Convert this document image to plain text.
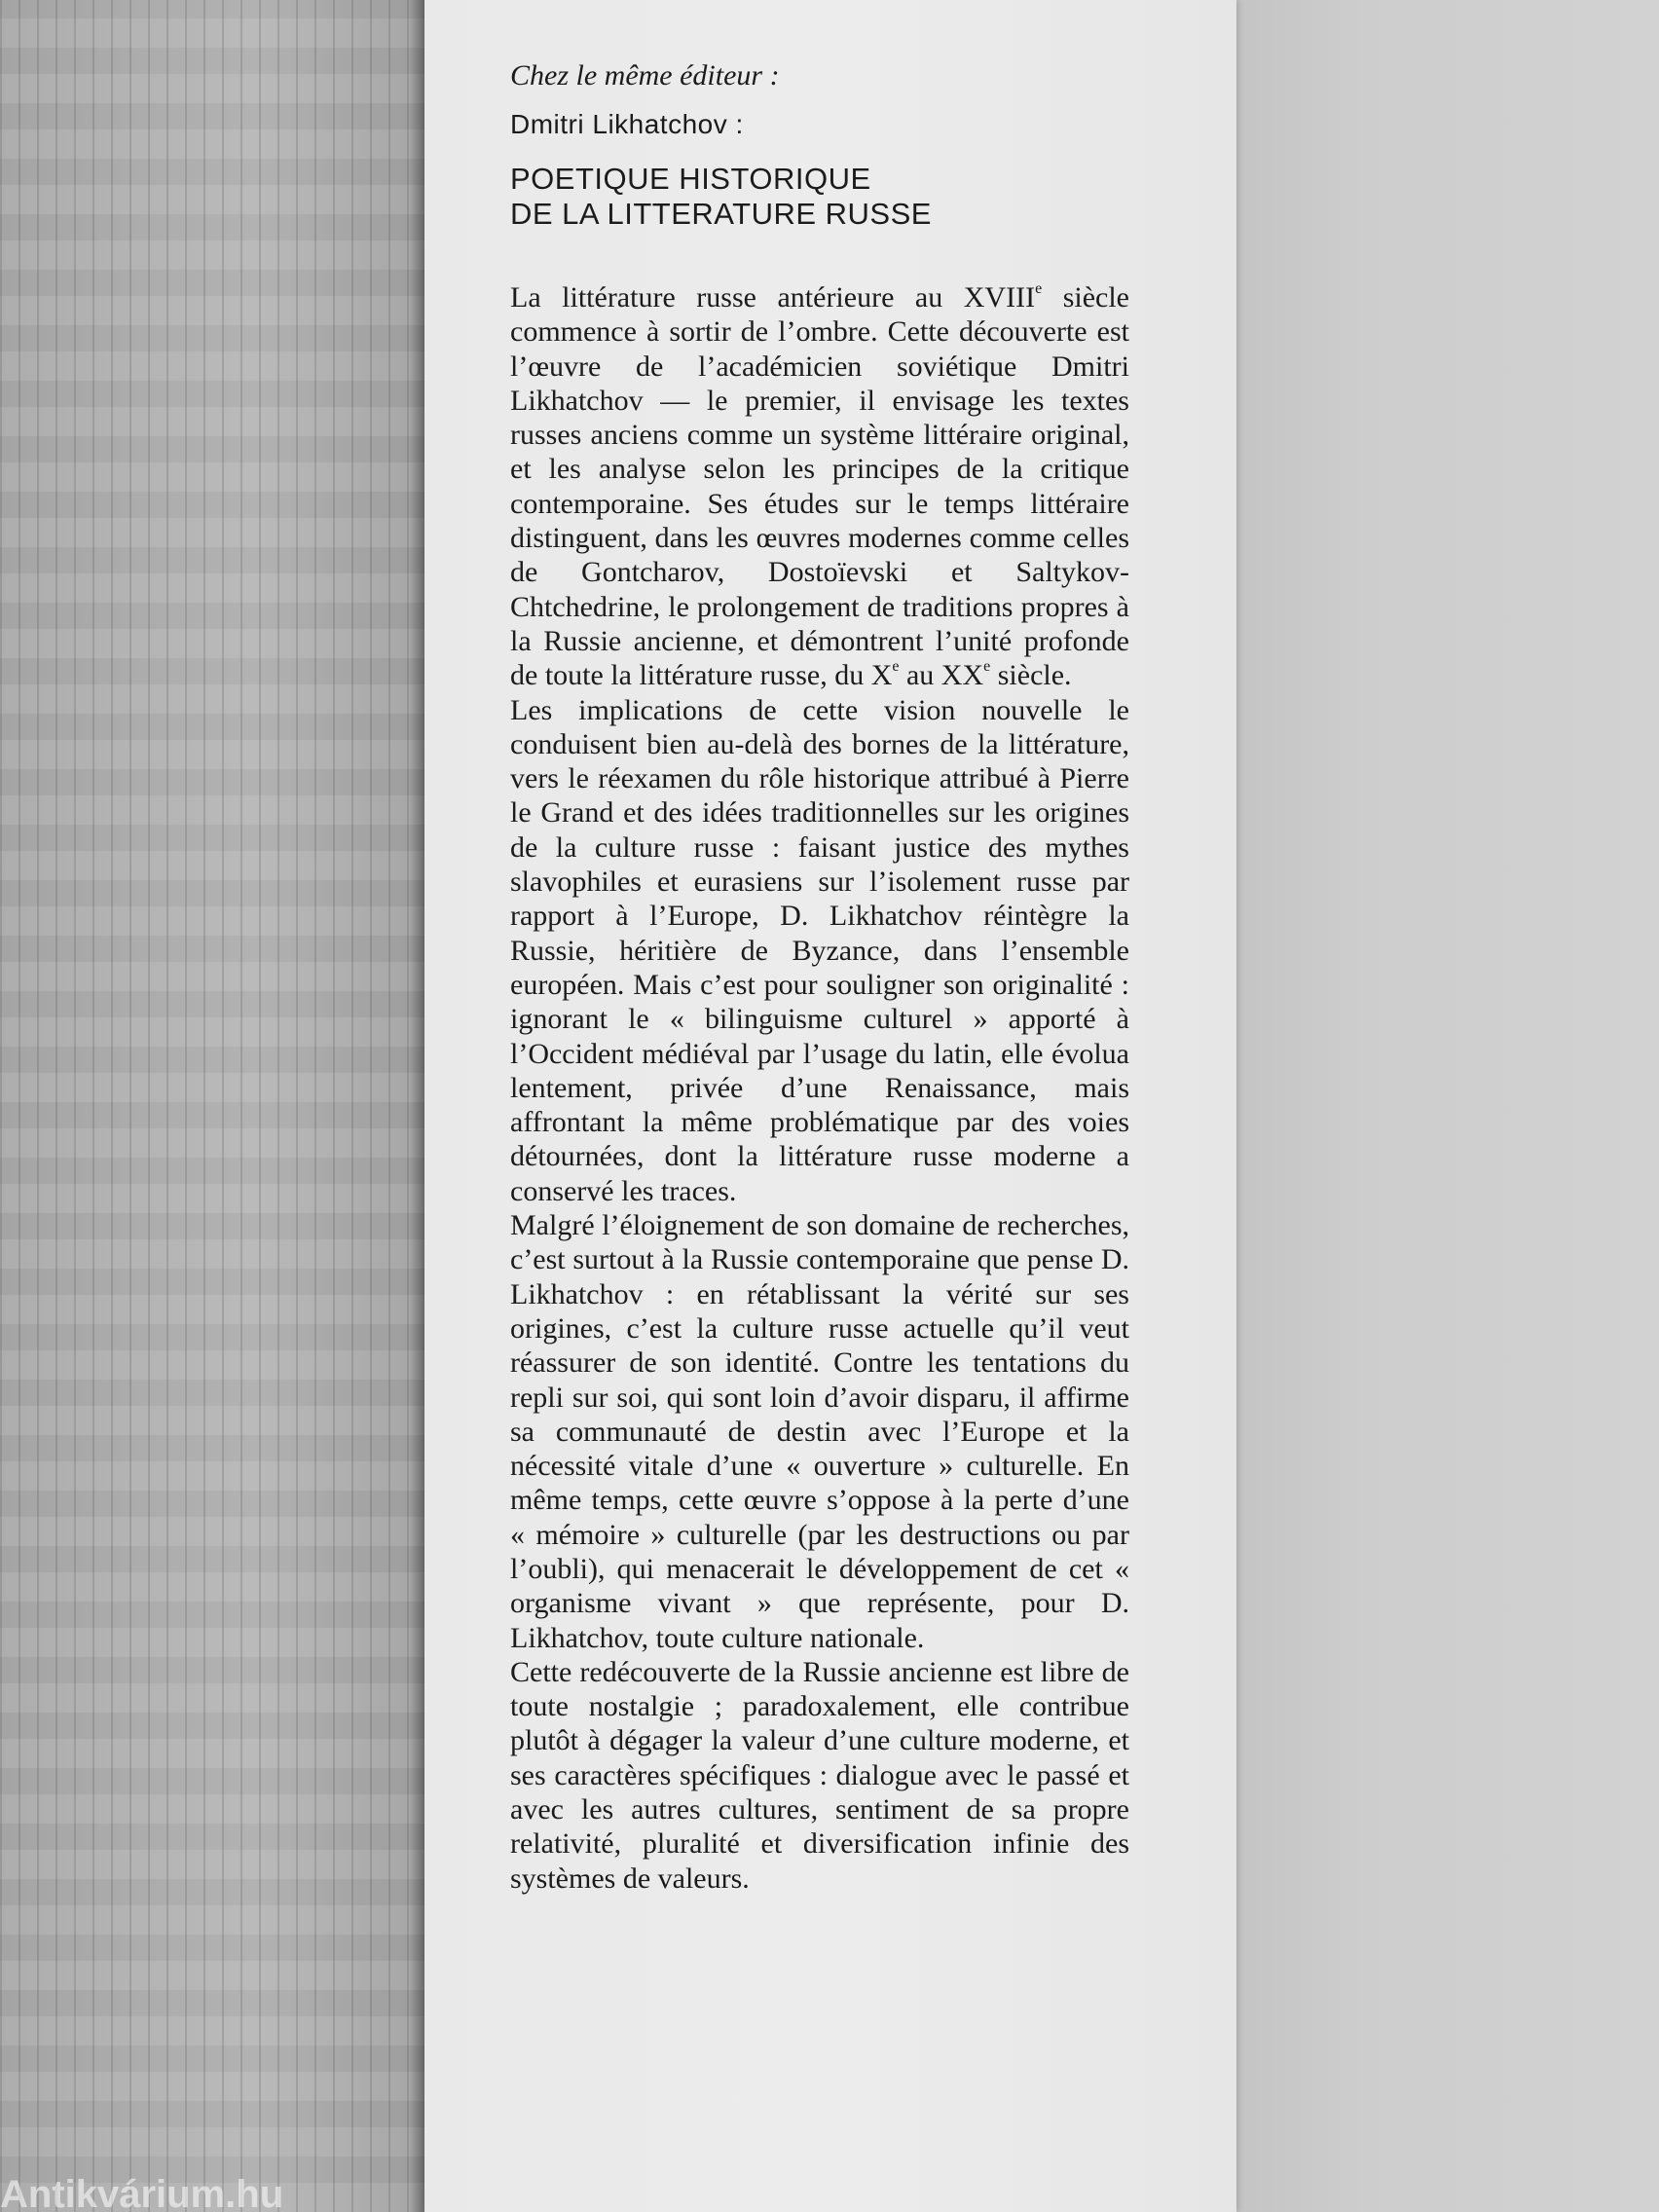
Antikvárium.hu

Chez le même éditeur :

Dmitri Likhatchov :

POETIQUE HISTORIQUE
DE LA LITTERATURE RUSSE

La littérature russe antérieure au XVIIIe siècle commence à sortir de l’ombre. Cette découverte est l’œuvre de l’académicien soviétique Dmitri Likhatchov — le premier, il envisage les textes russes anciens comme un système littéraire original, et les analyse selon les principes de la critique contemporaine. Ses études sur le temps littéraire distinguent, dans les œuvres modernes comme celles de Gontcharov, Dostoïevski et Saltykov-Chtchedrine, le prolongement de traditions propres à la Russie ancienne, et démontrent l’unité profonde de toute la littérature russe, du Xe au XXe siècle.

Les implications de cette vision nouvelle le conduisent bien au-delà des bornes de la littérature, vers le réexamen du rôle historique attribué à Pierre le Grand et des idées traditionnelles sur les origines de la culture russe : faisant justice des mythes slavophiles et eurasiens sur l’isolement russe par rapport à l’Europe, D. Likhatchov réintègre la Russie, héritière de Byzance, dans l’ensemble européen. Mais c’est pour souligner son originalité : ignorant le « bilinguisme culturel » apporté à l’Occident médiéval par l’usage du latin, elle évolua lentement, privée d’une Renaissance, mais affrontant la même problématique par des voies détournées, dont la littérature russe moderne a conservé les traces.

Malgré l’éloignement de son domaine de recherches, c’est surtout à la Russie contemporaine que pense D. Likhatchov : en rétablissant la vérité sur ses origines, c’est la culture russe actuelle qu’il veut réassurer de son identité. Contre les tentations du repli sur soi, qui sont loin d’avoir disparu, il affirme sa communauté de destin avec l’Europe et la nécessité vitale d’une « ouverture » culturelle. En même temps, cette œuvre s’oppose à la perte d’une « mémoire » culturelle (par les destructions ou par l’oubli), qui menacerait le développement de cet « organisme vivant » que représente, pour D. Likhatchov, toute culture nationale.

Cette redécouverte de la Russie ancienne est libre de toute nostalgie ; paradoxalement, elle contribue plutôt à dégager la valeur d’une culture moderne, et ses caractères spécifiques : dialogue avec le passé et avec les autres cultures, sentiment de sa propre relativité, pluralité et diversification infinie des systèmes de valeurs.
